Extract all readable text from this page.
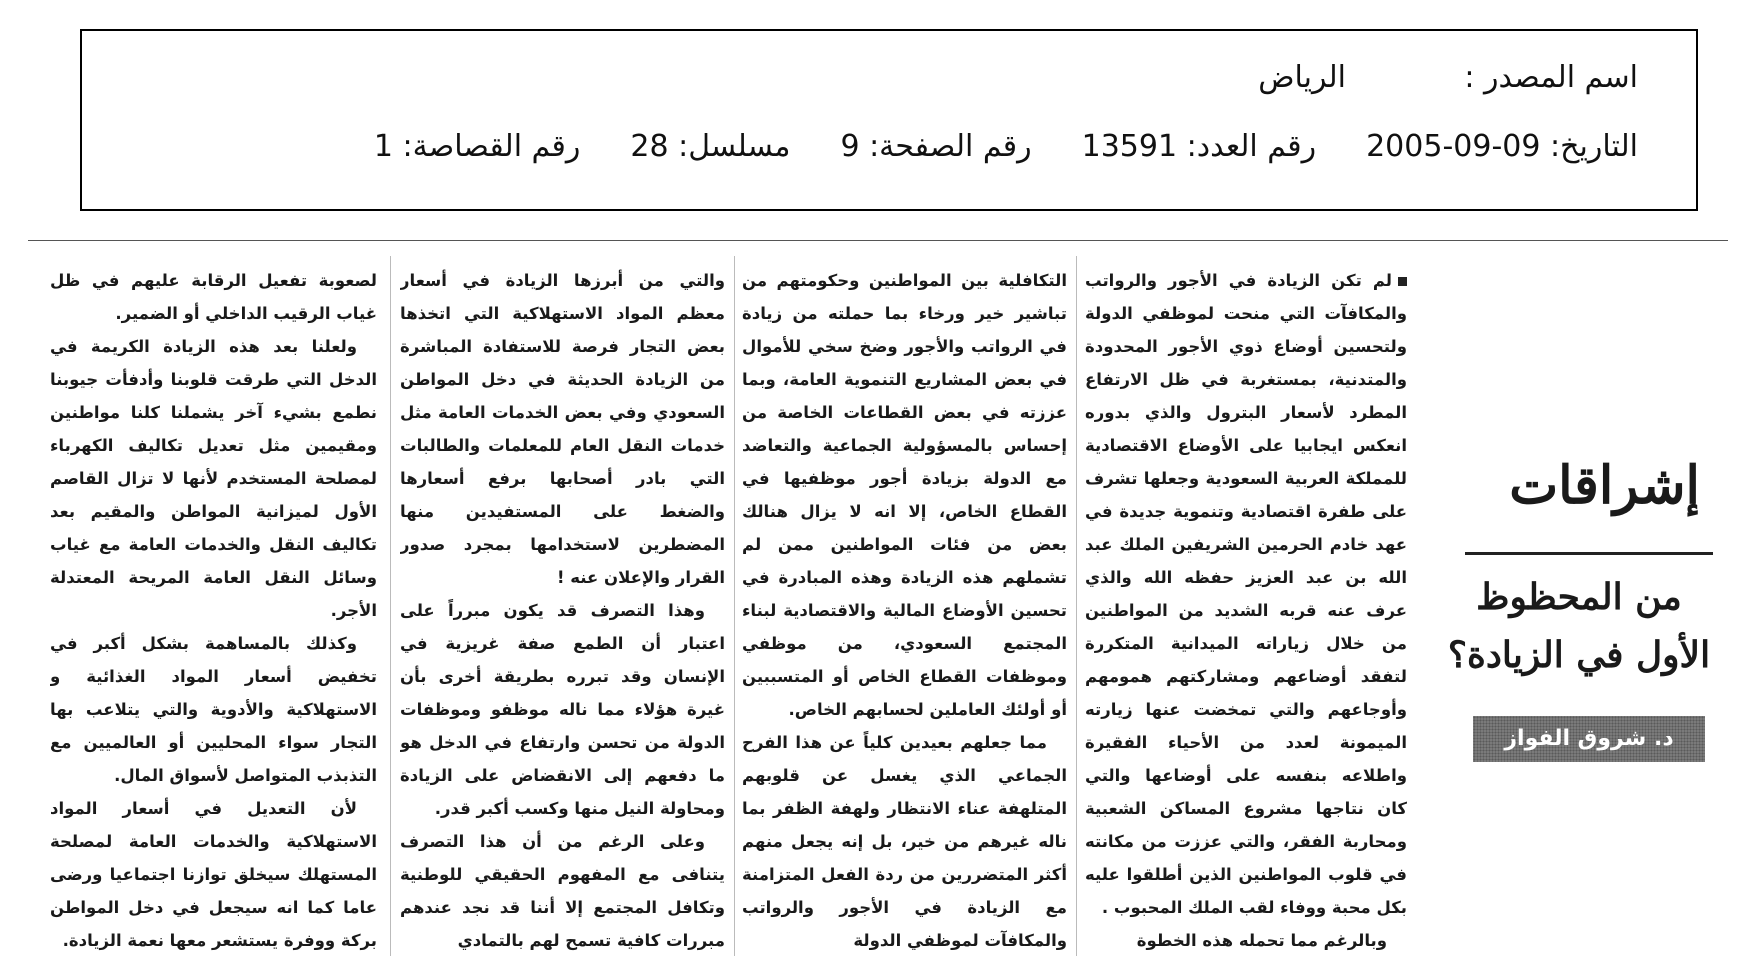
اسم المصدر :الرياض
التاريخ: 09-09-2005رقم العدد: 13591رقم الصفحة: 9مسلسل: 28رقم القصاصة: 1
إشراقات
من المحظوظ الأول في الزيادة؟
د. شروق الفواز

لم تكن الزيادة في الأجور والرواتب والمكافآت التي منحت لموظفي الدولة ولتحسين أوضاع ذوي الأجور المحدودة والمتدنية، بمستغربة في ظل الارتفاع المطرد لأسعار البترول والذي بدوره انعكس ايجابيا على الأوضاع الاقتصادية للمملكة العربية السعودية وجعلها تشرف على طفرة اقتصادية وتنموية جديدة في عهد خادم الحرمين الشريفين الملك عبد الله بن عبد العزيز حفظه الله والذي عرف عنه قربه الشديد من المواطنين من خلال زياراته الميدانية المتكررة لتفقد أوضاعهم ومشاركتهم همومهم وأوجاعهم والتي تمخضت عنها زيارته الميمونة لعدد من الأحياء الفقيرة واطلاعه بنفسه على أوضاعها والتي كان نتاجها مشروع المساكن الشعبية ومحاربة الفقر، والتي عززت من مكانته في قلوب المواطنين الذين أطلقوا عليه بكل محبة ووفاء لقب الملك المحبوب .

وبالرغم مما تحمله هذه الخطوة

التكافلية بين المواطنين وحكومتهم من تباشير خير ورخاء بما حملته من زيادة في الرواتب والأجور وضخ سخي للأموال في بعض المشاريع التنموية العامة، وبما عززته في بعض القطاعات الخاصة من إحساس بالمسؤولية الجماعية والتعاضد مع الدولة بزيادة أجور موظفيها في القطاع الخاص، إلا انه لا يزال هنالك بعض من فئات المواطنين ممن لم تشملهم هذه الزيادة وهذه المبادرة في تحسين الأوضاع المالية والاقتصادية لبناء المجتمع السعودي، من موظفي وموظفات القطاع الخاص أو المتسببين أو أولئك العاملين لحسابهم الخاص.

مما جعلهم بعيدين كلياً عن هذا الفرح الجماعي الذي يغسل عن قلوبهم المتلهفة عناء الانتظار ولهفة الظفر بما ناله غيرهم من خير، بل إنه يجعل منهم أكثر المتضررين من ردة الفعل المتزامنة مع الزيادة في الأجور والرواتب والمكافآت لموظفي الدولة

والتي من أبرزها الزيادة في أسعار معظم المواد الاستهلاكية التي اتخذها بعض التجار فرصة للاستفادة المباشرة من الزيادة الحديثة في دخل المواطن السعودي وفي بعض الخدمات العامة مثل خدمات النقل العام للمعلمات والطالبات التي بادر أصحابها برفع أسعارها والضغط على المستفيدين منها المضطرين لاستخدامها بمجرد صدور القرار والإعلان عنه !

وهذا التصرف قد يكون مبرراً على اعتبار أن الطمع صفة غريزية في الإنسان وقد تبرره بطريقة أخرى بأن غيرة هؤلاء مما ناله موظفو وموظفات الدولة من تحسن وارتفاع في الدخل هو ما دفعهم إلى الانقضاض على الزيادة ومحاولة النيل منها وكسب أكبر قدر.

وعلى الرغم من أن هذا التصرف يتنافى مع المفهوم الحقيقي للوطنية وتكافل المجتمع إلا أننا قد نجد عندهم مبررات كافية تسمح لهم بالتمادي

لصعوبة تفعيل الرقابة عليهم في ظل غياب الرقيب الداخلي أو الضمير.

ولعلنا بعد هذه الزيادة الكريمة في الدخل التي طرقت قلوبنا وأدفأت جيوبنا نطمع بشيء آخر يشملنا كلنا مواطنين ومقيمين مثل تعديل تكاليف الكهرباء لمصلحة المستخدم لأنها لا تزال القاصم الأول لميزانية المواطن والمقيم بعد تكاليف النقل والخدمات العامة مع غياب وسائل النقل العامة المريحة المعتدلة الأجر.

وكذلك بالمساهمة بشكل أكبر في تخفيض أسعار المواد الغذائية و الاستهلاكية والأدوية والتي يتلاعب بها التجار سواء المحليين أو العالميين مع التذبذب المتواصل لأسواق المال.

لأن التعديل في أسعار المواد الاستهلاكية والخدمات العامة لمصلحة المستهلك سيخلق توازنا اجتماعيا ورضى عاما كما انه سيجعل في دخل المواطن بركة ووفرة يستشعر معها نعمة الزيادة.
